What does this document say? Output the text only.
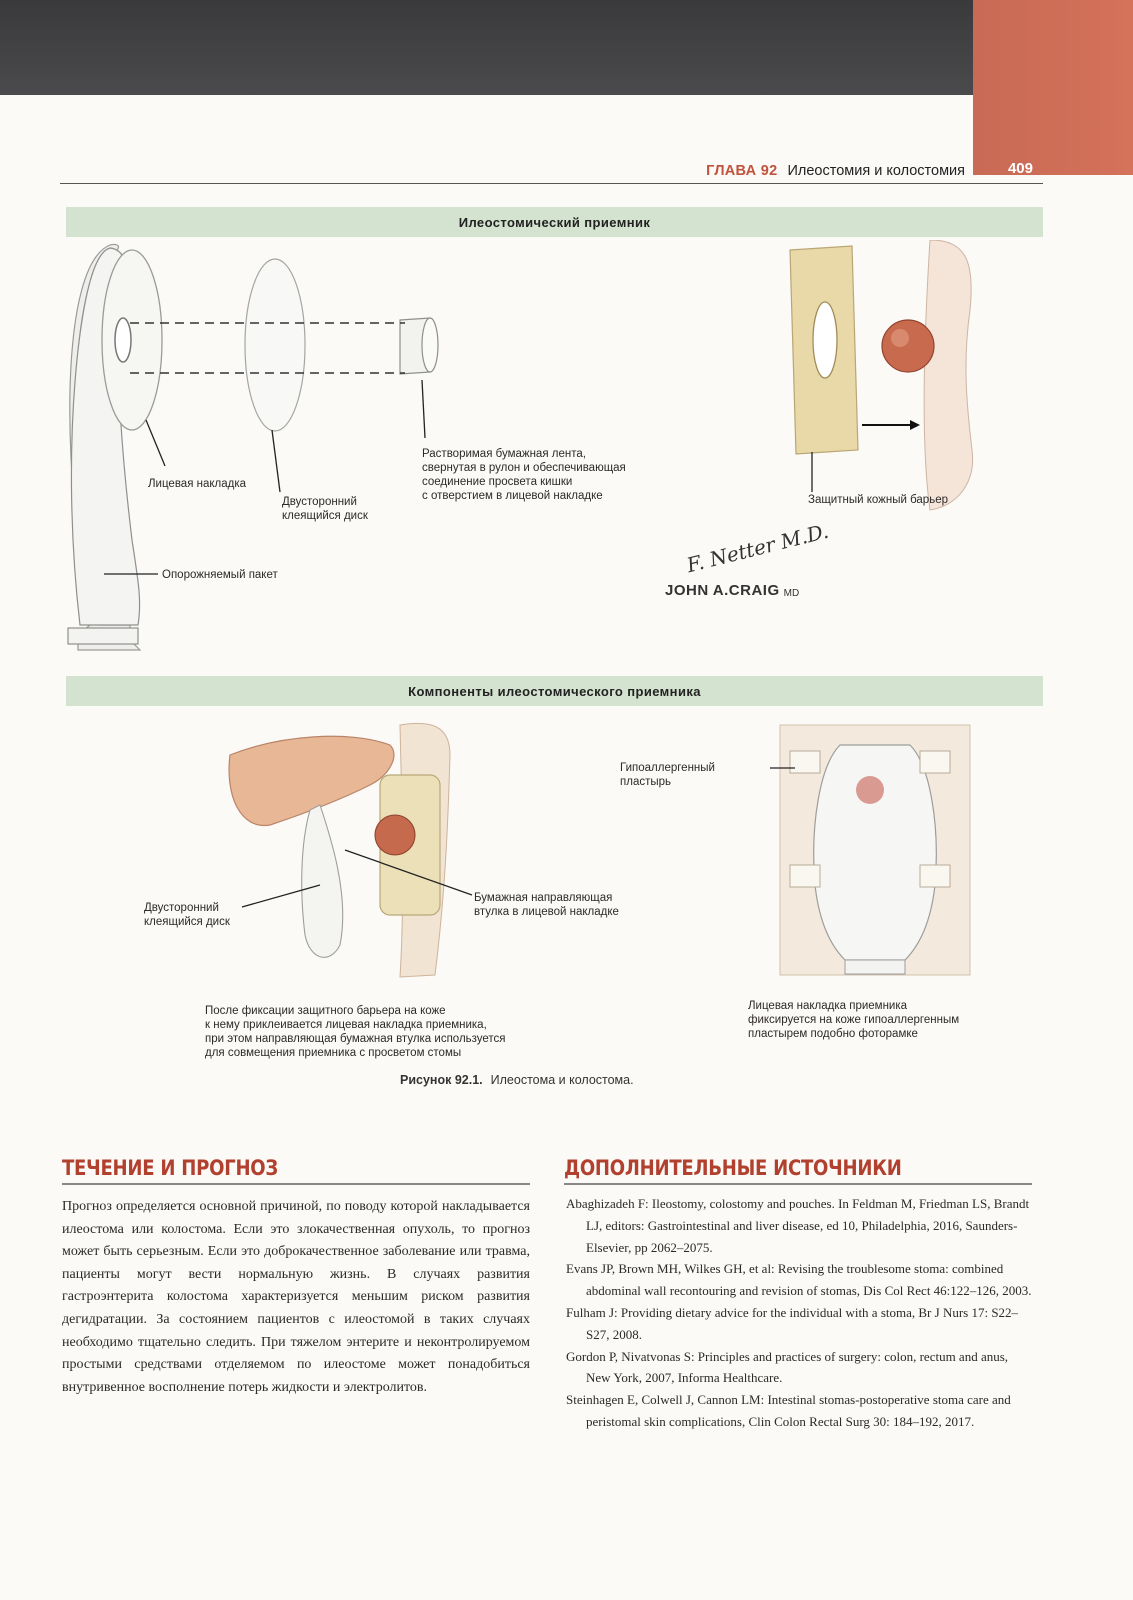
ГЛАВА 92 Илеостомия и колостомия	409
Илеостомический приемник
Лицевая накладка
Двусторонний
клеящийся диск
Растворимая бумажная лента,
свернутая в рулон и обеспечивающая
соединение просвета кишки
с отверстием в лицевой накладке	Защитный кожный барьер
Опорожняемый пакет	F. Netter M.D.
JOHN A.CRAIG MD
Компоненты илеостомического приемника
Гипоаллергенный
пластырь
Двусторонний
клеящийся диск
Бумажная направляющая
втулка в лицевой накладке
После фиксации защитного барьера на коже
к нему приклеивается лицевая накладка приемника,
при этом направляющая бумажная втулка используется
для совмещения приемника с просветом стомы
Лицевая накладка приемника
фиксируется на коже гипоаллергенным
пластырем подобно фоторамке
Рисунок 92.1. Илеостома и колостома.
ТЕЧЕНИЕ И ПРОГНОЗ
Прогноз определяется основной причиной, по поводу которой накладывается илеостома или колостома. Если это злокачественная опухоль, то прогноз может быть серьезным. Если это доброкачественное заболевание или травма, пациенты могут вести нормальную жизнь. В случаях развития гастроэнтерита колостома характеризуется меньшим риском развития дегидратации. За состоянием пациентов с илеостомой в таких случаях необходимо тщательно следить. При тяжелом энтерите и неконтролируемом простыми средствами отделяемом по илеостоме может понадобиться внутривенное восполнение потерь жидкости и электролитов.
ДОПОЛНИТЕЛЬНЫЕ ИСТОЧНИКИ

Abaghizadeh F: Ileostomy, colostomy and pouches. In Feldman M, Friedman LS, Brandt LJ, editors: Gastrointestinal and liver disease, ed 10, Philadelphia, 2016, Saunders-Elsevier, pp 2062–2075.

Evans JP, Brown MH, Wilkes GH, et al: Revising the troublesome stoma: combined abdominal wall recontouring and revision of stomas, Dis Col Rect 46:122–126, 2003.

Fulham J: Providing dietary advice for the individual with a stoma, Br J Nurs 17: S22–S27, 2008.

Gordon P, Nivatvonas S: Principles and practices of surgery: colon, rectum and anus, New York, 2007, Informa Healthcare.

Steinhagen E, Colwell J, Cannon LM: Intestinal stomas-postoperative stoma care and peristomal skin complications, Clin Colon Rectal Surg 30: 184–192, 2017.
